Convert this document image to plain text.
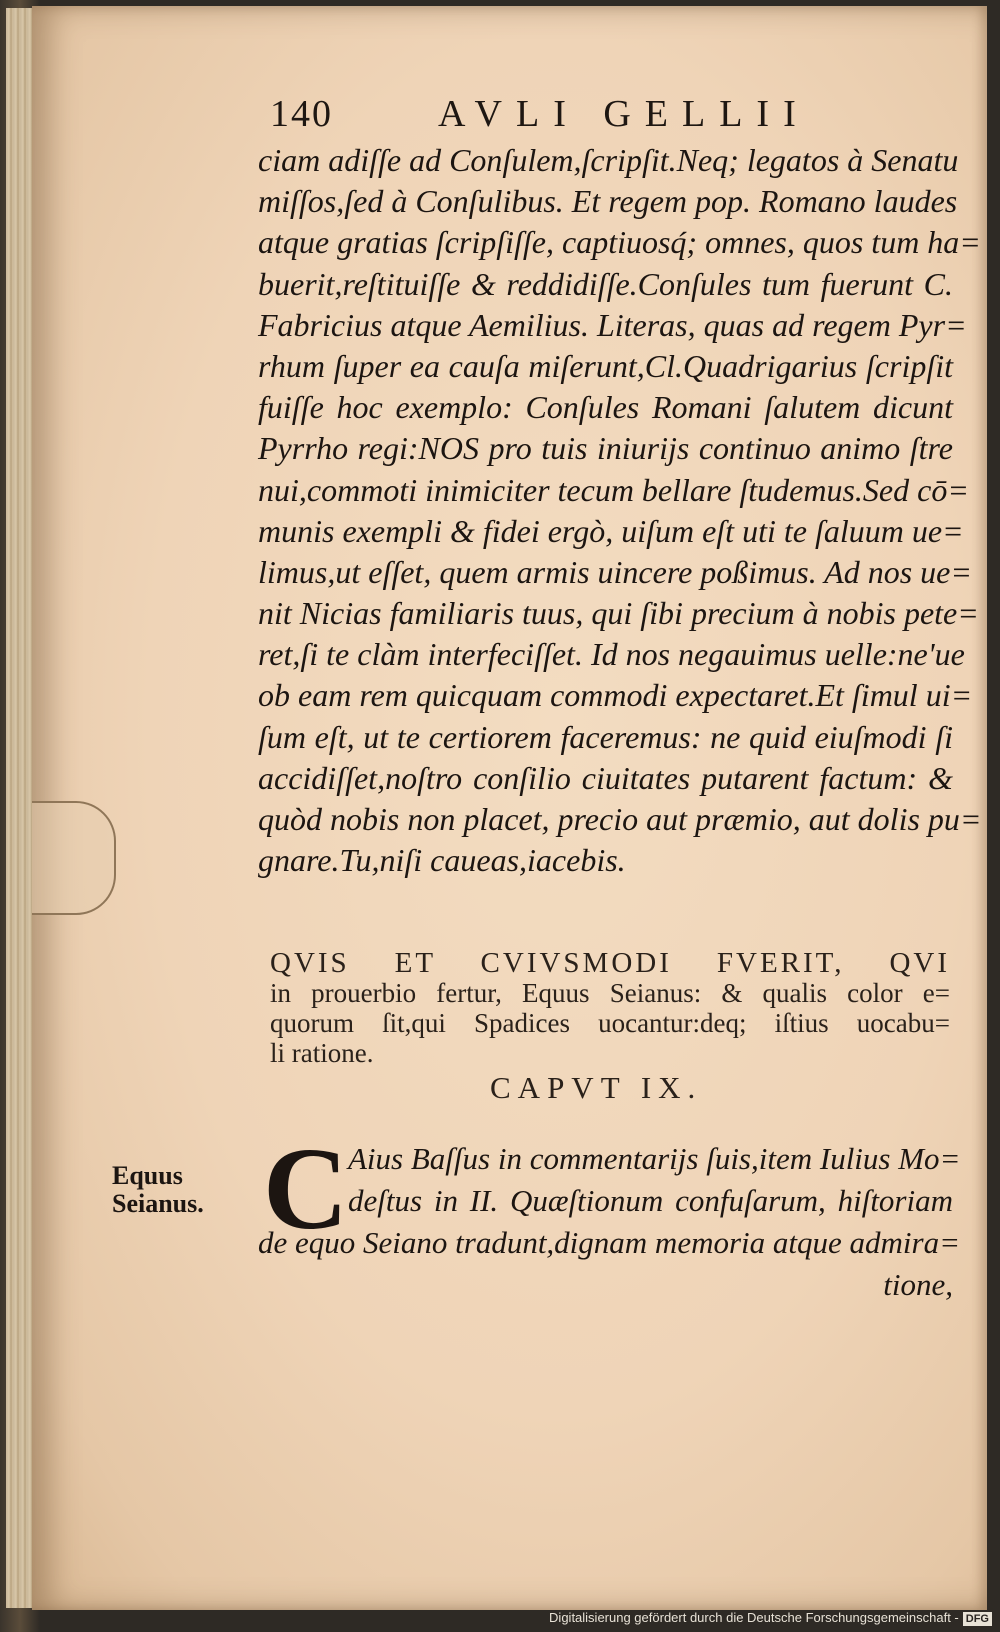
140	AVLI GELLII
ciam adiſſe ad Conſulem,ſcripſit.Neq; legatos à Senatu
miſſos,ſed à Conſulibus. Et regem pop. Romano laudes
atque gratias ſcripſiſſe, captiuosq́; omnes, quos tum ha=
buerit,reſtituiſſe & reddidiſſe.Conſules tum fuerunt C.
Fabricius atque Aemilius. Literas, quas ad regem Pyr=
rhum ſuper ea cauſa miſerunt,Cl.Quadrigarius ſcripſit
fuiſſe hoc exemplo: Conſules Romani ſalutem dicunt
Pyrrho regi:NOS pro tuis iniurijs continuo animo ſtre
nui,commoti inimiciter tecum bellare ſtudemus.Sed cō=
munis exempli & fidei ergò, uiſum eſt uti te ſaluum ue=
limus,ut eſſet, quem armis uincere poßimus. Ad nos ue=
nit Nicias familiaris tuus, qui ſibi precium à nobis pete=
ret,ſi te clàm interfeciſſet. Id nos negauimus uelle:ne'ue
ob eam rem quicquam commodi expectaret.Et ſimul ui=
ſum eſt, ut te certiorem faceremus: ne quid eiuſmodi ſi
accidiſſet,noſtro conſilio ciuitates putarent factum: &
quòd nobis non placet, precio aut præmio, aut dolis pu=
gnare.Tu,niſi caueas,iacebis.
QVIS ET CVIVSMODI FVERIT, QVI
in prouerbio fertur, Equus Seianus: & qualis color e=
quorum ſit,qui Spadices uocantur:deq; iſtius uocabu=
li ratione.
CAPVT IX.
Equus
Seianus. C Aius Baſſus in commentarijs ſuis,item Iulius Mo=
deſtus in II. Quæſtionum confuſarum, hiſtoriam
de equo Seiano tradunt,dignam memoria atque admira=
tione,
Digitalisierung gefördert durch die Deutsche Forschungsgemeinschaft - DFG
